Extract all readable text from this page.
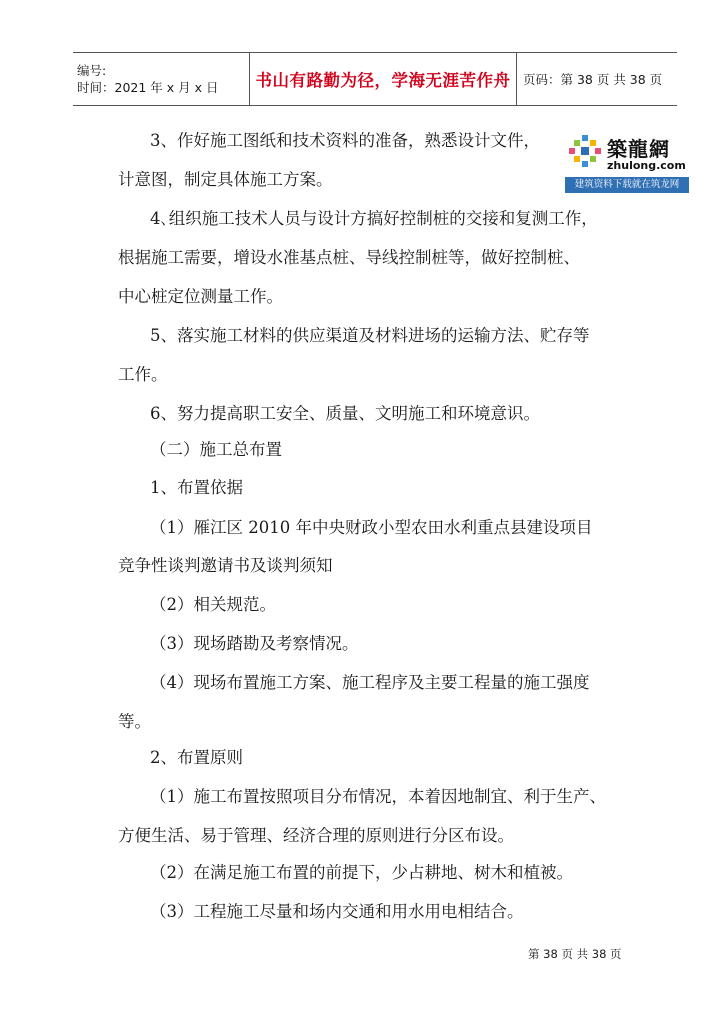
编号:
时间：2021 年 x 月 x 日	书山有路勤为径，学海无涯苦作舟 页码：第 38 页 共 38 页
築龍網
zhulong.com
建筑资料下载就在筑龙网
3、作好施工图纸和技术资料的准备，熟悉设计文件，
计意图，制定具体施工方案。
4､组织施工技术人员与设计方搞好控制桩的交接和复测工作，
根据施工需要，增设水准基点桩、导线控制桩等，做好控制桩、
中心桩定位测量工作。
5、落实施工材料的供应渠道及材料进场的运输方法、贮存等
工作。
6、努力提高职工安全、质量、文明施工和环境意识。
（二）施工总布置
1、布置依据
（1）雁江区 2010 年中央财政小型农田水利重点县建设项目
竞争性谈判邀请书及谈判须知
（2）相关规范。
（3）现场踏勘及考察情况。
（4）现场布置施工方案、施工程序及主要工程量的施工强度
等。
2、布置原则
（1）施工布置按照项目分布情况，本着因地制宜、利于生产、
方便生活、易于管理、经济合理的原则进行分区布设。
（2）在满足施工布置的前提下，少占耕地、树木和植被。
（3）工程施工尽量和场内交通和用水用电相结合。
第 38 页 共 38 页
